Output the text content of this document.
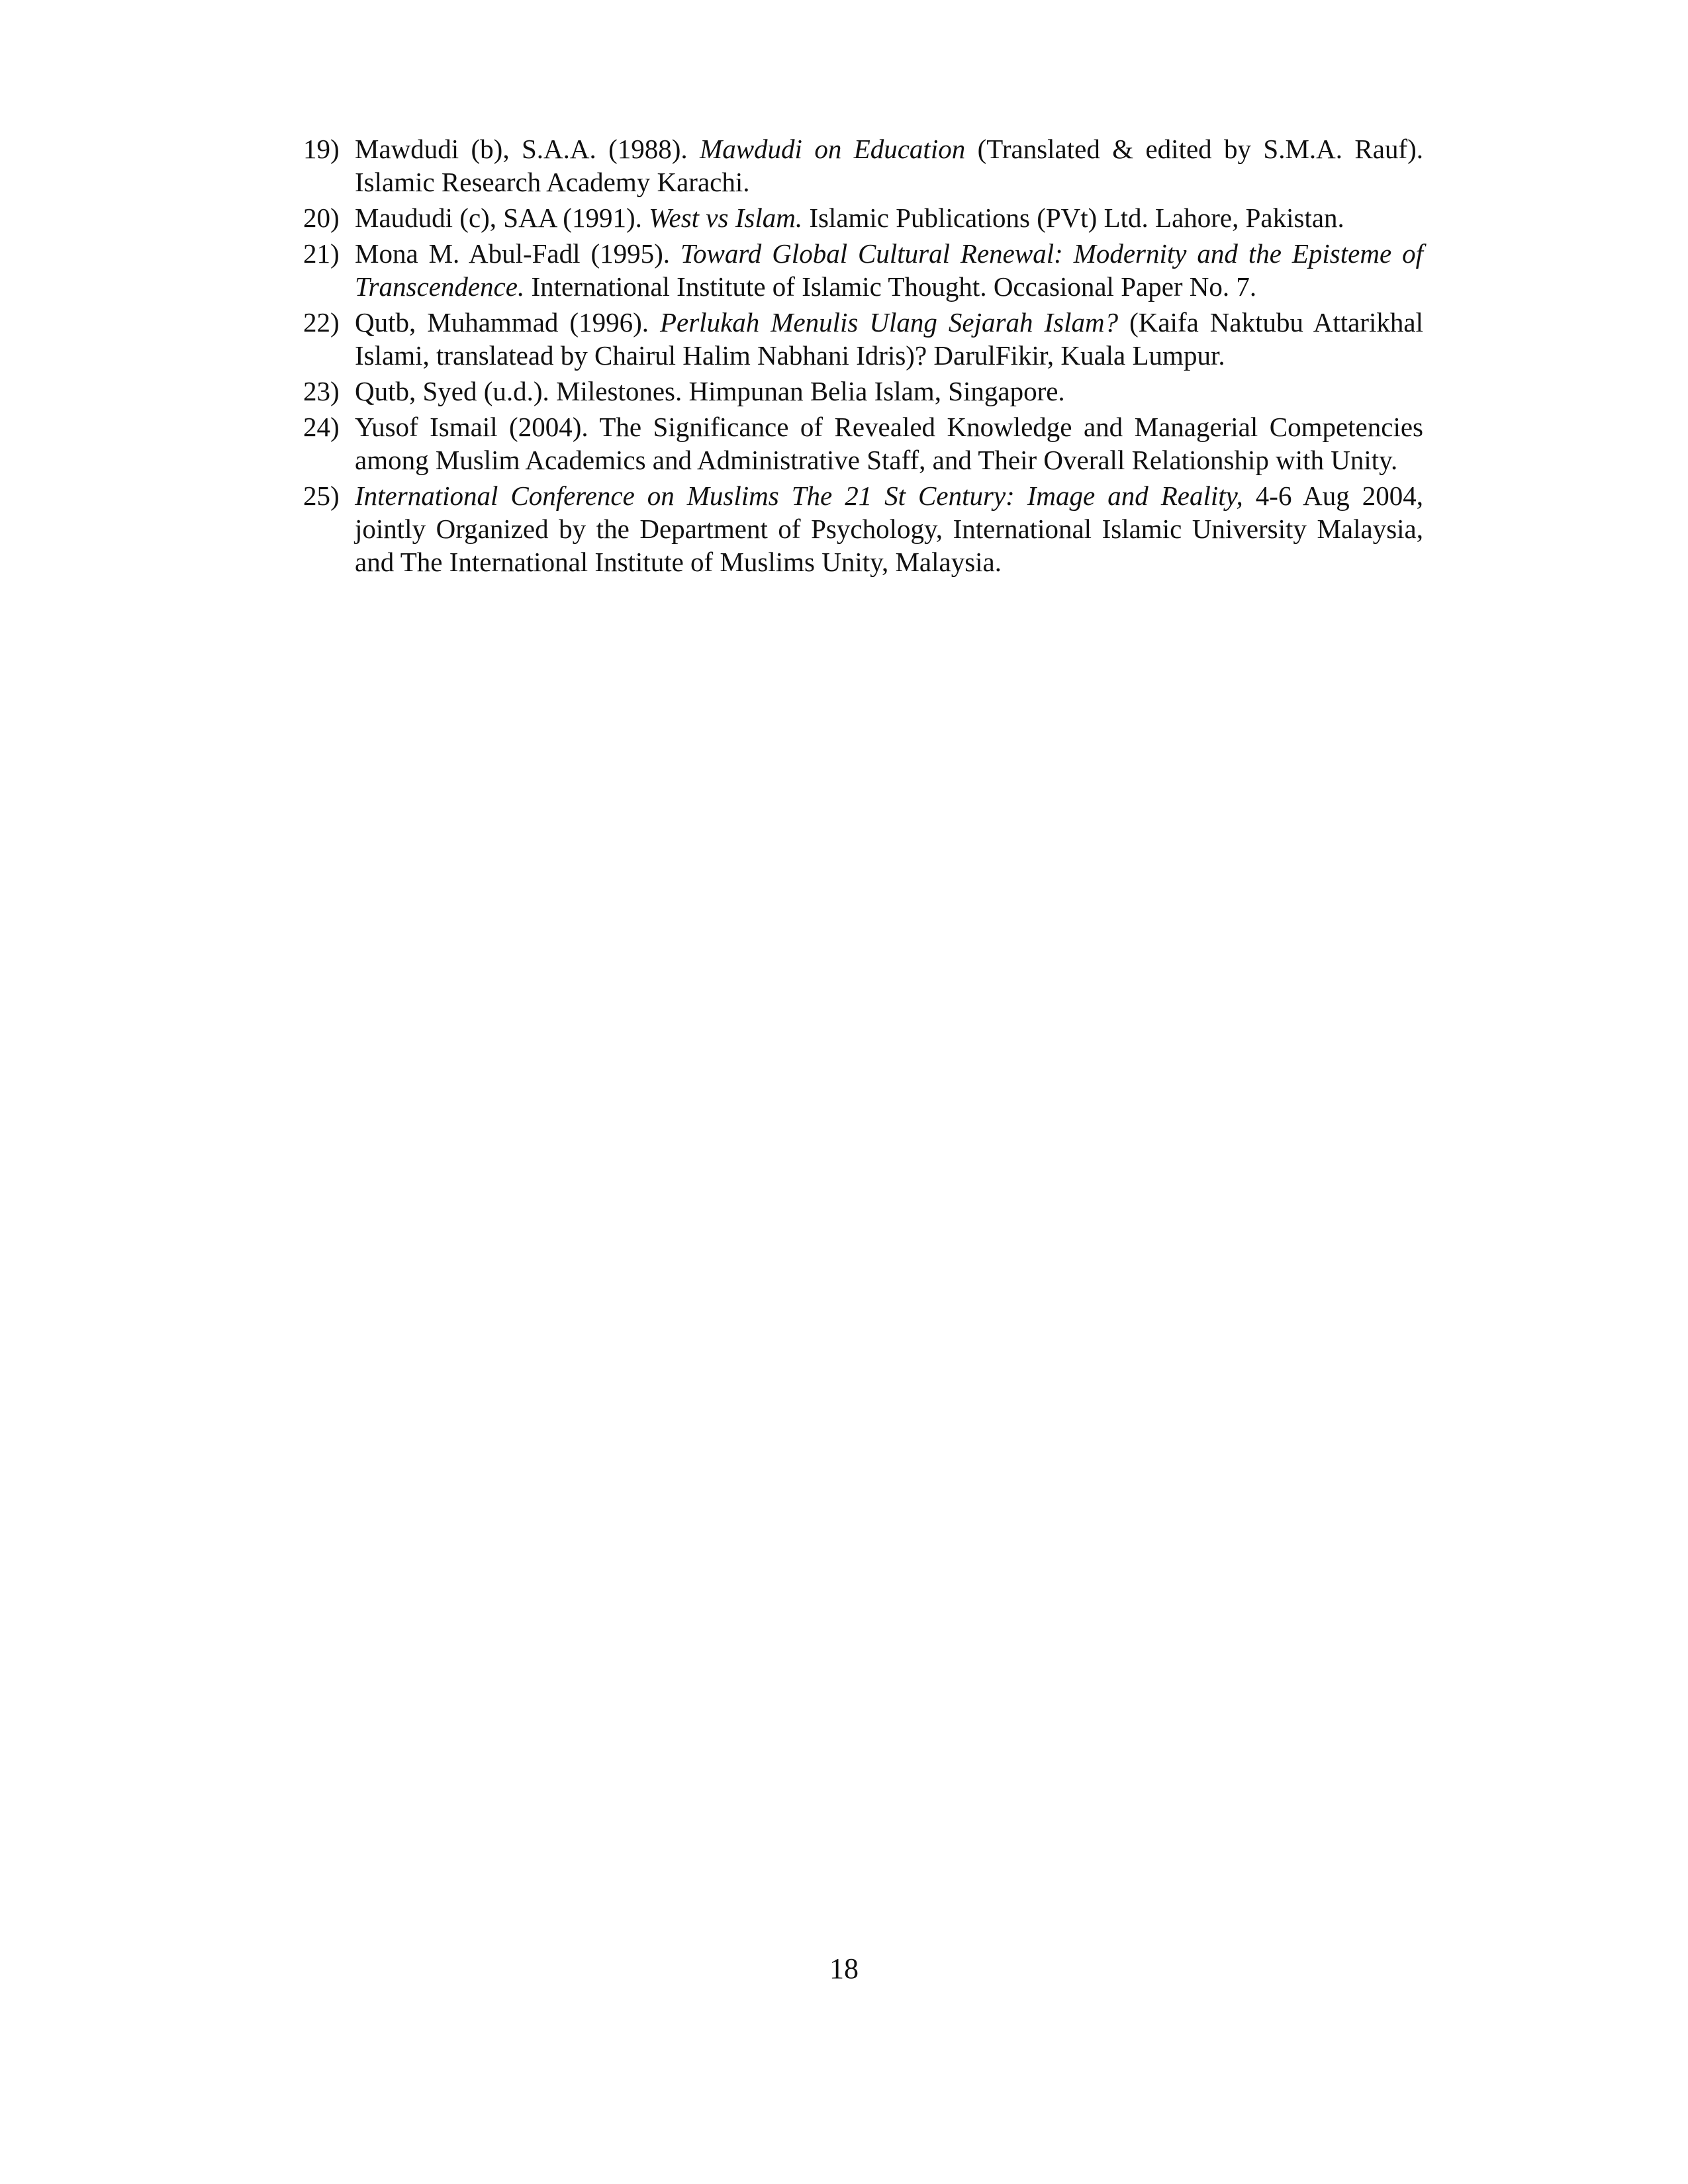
19) Mawdudi (b), S.A.A. (1988). Mawdudi on Education (Translated & edited by S.M.A. Rauf). Islamic Research Academy Karachi.
20) Maududi (c), SAA (1991). West vs Islam. Islamic Publications (PVt) Ltd. Lahore, Pakistan.
21) Mona M. Abul-Fadl (1995). Toward Global Cultural Renewal: Modernity and the Episteme of Transcendence. International Institute of Islamic Thought. Occasional Paper No. 7.
22) Qutb, Muhammad (1996). Perlukah Menulis Ulang Sejarah Islam? (Kaifa Naktubu Attarikhal Islami, translatead by Chairul Halim Nabhani Idris)? DarulFikir, Kuala Lumpur.
23) Qutb, Syed (u.d.). Milestones. Himpunan Belia Islam, Singapore.
24) Yusof Ismail (2004). The Significance of Revealed Knowledge and Managerial Competencies among Muslim Academics and Administrative Staff, and Their Overall Relationship with Unity.
25) International Conference on Muslims The 21 St Century: Image and Reality, 4-6 Aug 2004, jointly Organized by the Department of Psychology, International Islamic University Malaysia, and The International Institute of Muslims Unity, Malaysia.
18
